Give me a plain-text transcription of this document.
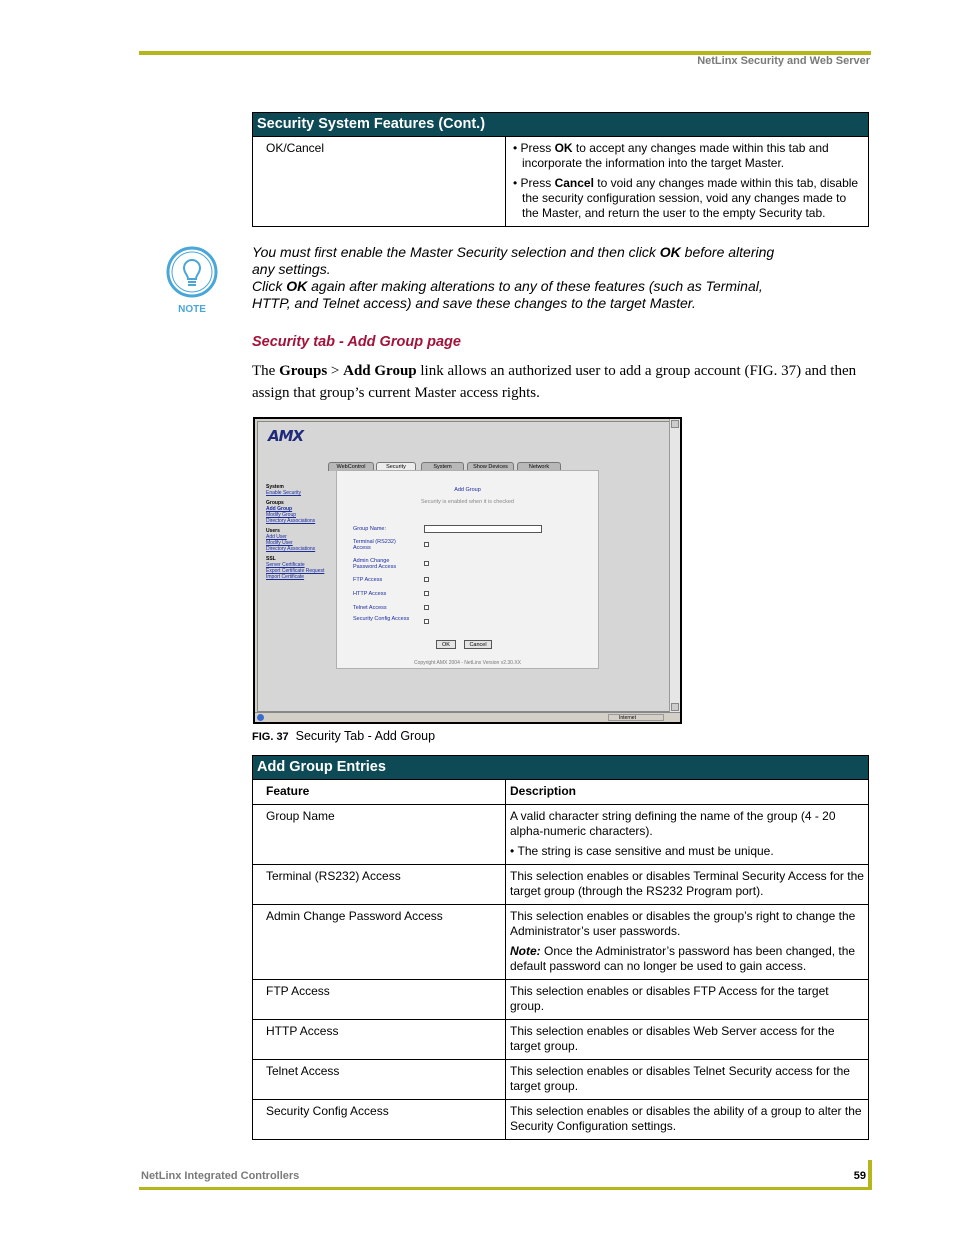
NetLinx Security and Web Server
Security System Features (Cont.)
OK/Cancel	• Press OK to accept any changes made within this tab and incorporate the information into the target Master.

• Press Cancel to void any changes made within this tab, disable the security configuration session, void any changes made to the Master, and return the user to the empty Security tab.

NOTE
You must first enable the Master Security selection and then click OK before altering any settings.
Click OK again after making alterations to any of these features (such as Terminal, HTTP, and Telnet access) and save these changes to the target Master.
Security tab - Add Group page
The Groups > Add Group link allows an authorized user to add a group account (FIG. 37) and then assign that group’s current Master access rights.
AMX
WebControl	Security	System	Show Devices	Network
System
Enable Security
Groups
Add Group
Modify Group
Directory Associations
Users
Add User
Modify User
Directory Associations
SSL
Server Certificate
Export Certificate Request
Import Certificate
Add Group
Security is enabled when it is checked
Group Name:
Terminal (RS232) Access
Admin Change Password Access
FTP Access
HTTP Access
Telnet Access
Security Config Access
OK	Cancel
Copyright AMX 2004 - NetLinx Version v2.30.XX
Internet
FIG. 37 Security Tab - Add Group
Add Group Entries	
Feature	Description
Group Name	A valid character string defining the name of the group (4 - 20 alpha-numeric characters).

• The string is case sensitive and must be unique.

Terminal (RS232) Access	This selection enables or disables Terminal Security Access for the target group (through the RS232 Program port).
Admin Change Password Access	This selection enables or disables the group’s right to change the Administrator’s user passwords.

Note: Once the Administrator’s password has been changed, the default password can no longer be used to gain access.

FTP Access	This selection enables or disables FTP Access for the target group.
HTTP Access	This selection enables or disables Web Server access for the target group.
Telnet Access	This selection enables or disables Telnet Security access for the target group.
Security Config Access	This selection enables or disables the ability of a group to alter the Security Configuration settings.
NetLinx Integrated Controllers	59
